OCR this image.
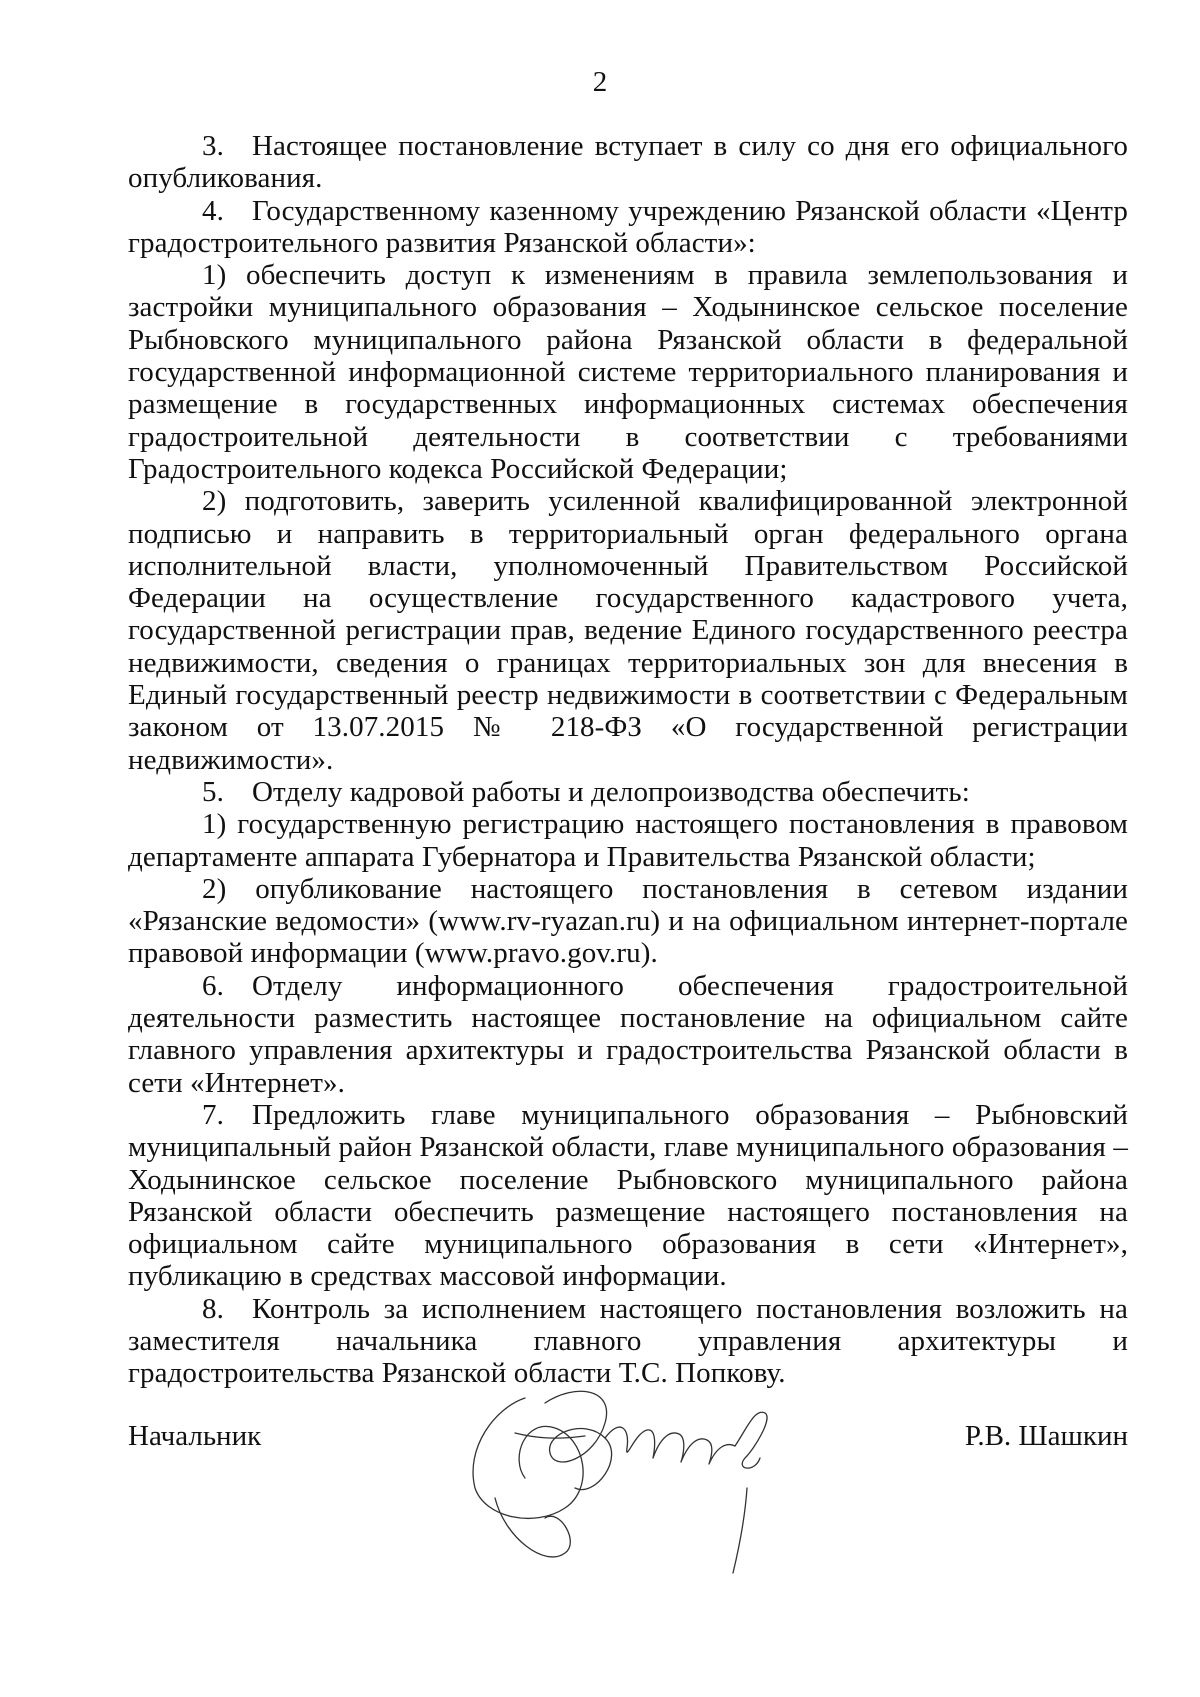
2

3. Настоящее постановление вступает в силу со дня его официального опубликования.

4. Государственному казенному учреждению Рязанской области «Центр градостроительного развития Рязанской области»:

1) обеспечить доступ к изменениям в правила землепользования и застройки муниципального образования – Ходынинское сельское поселение Рыбновского муниципального района Рязанской области в федеральной государственной информационной системе территориального планирования и размещение в государственных информационных системах обеспечения градостроительной деятельности в соответствии с требованиями Градостроительного кодекса Российской Федерации;

2) подготовить, заверить усиленной квалифицированной электронной подписью и направить в территориальный орган федерального органа исполнительной власти, уполномоченный Правительством Российской Федерации на осуществление государственного кадастрового учета, государственной регистрации прав, ведение Единого государственного реестра недвижимости, сведения о границах территориальных зон для внесения в Единый государственный реестр недвижимости в соответствии с Федеральным законом от 13.07.2015 № 218-ФЗ «О государственной регистрации недвижимости».

5. Отделу кадровой работы и делопроизводства обеспечить:

1) государственную регистрацию настоящего постановления в правовом департаменте аппарата Губернатора и Правительства Рязанской области;

2) опубликование настоящего постановления в сетевом издании «Рязанские ведомости» (www.rv-ryazan.ru) и на официальном интернет-портале правовой информации (www.pravo.gov.ru).

6. Отделу информационного обеспечения градостроительной деятельности разместить настоящее постановление на официальном сайте главного управления архитектуры и градостроительства Рязанской области в сети «Интернет».

7. Предложить главе муниципального образования – Рыбновский муниципальный район Рязанской области, главе муниципального образования – Ходынинское сельское поселение Рыбновского муниципального района Рязанской области обеспечить размещение настоящего постановления на официальном сайте муниципального образования в сети «Интернет», публикацию в средствах массовой информации.

8. Контроль за исполнением настоящего постановления возложить на заместителя начальника главного управления архитектуры и градостроительства Рязанской области Т.С. Попкову.

Начальник	Р.В. Шашкин
